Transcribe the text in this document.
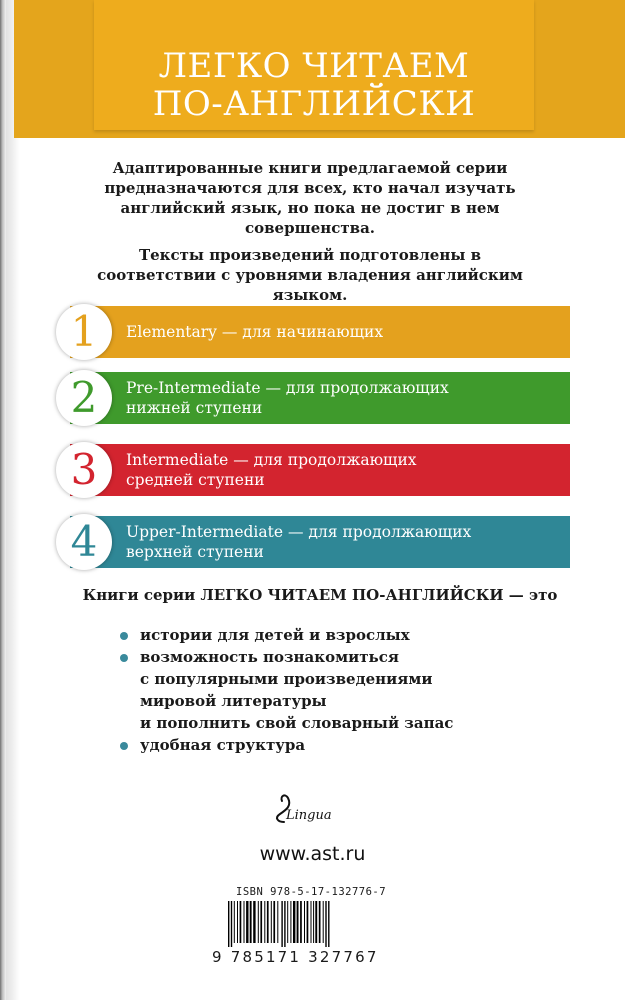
ЛЕГКО ЧИТАЕМ
ПО-АНГЛИЙСКИ
Адаптированные книги предлагаемой серии предназначаются для всех, кто начал изучать английский язык, но пока не достиг в нем совершенства.
Тексты произведений подготовлены в соответствии с уровнями владения английским языком.
1	Elementary — для начинающих
2	Pre-Intermediate — для продолжающих
нижней ступени
3	Intermediate — для продолжающих
средней ступени
4	Upper-Intermediate — для продолжающих
верхней ступени
Книги серии ЛЕГКО ЧИТАЕМ ПО-АНГЛИЙСКИ — это
истории для детей и взрослых
возможность познакомиться
с популярными произведениями
мировой литературы
и пополнить свой словарный запас
удобная структура
Lingua
www.ast.ru
ISBN 978-5-17-132776-7
9 785171 327767
